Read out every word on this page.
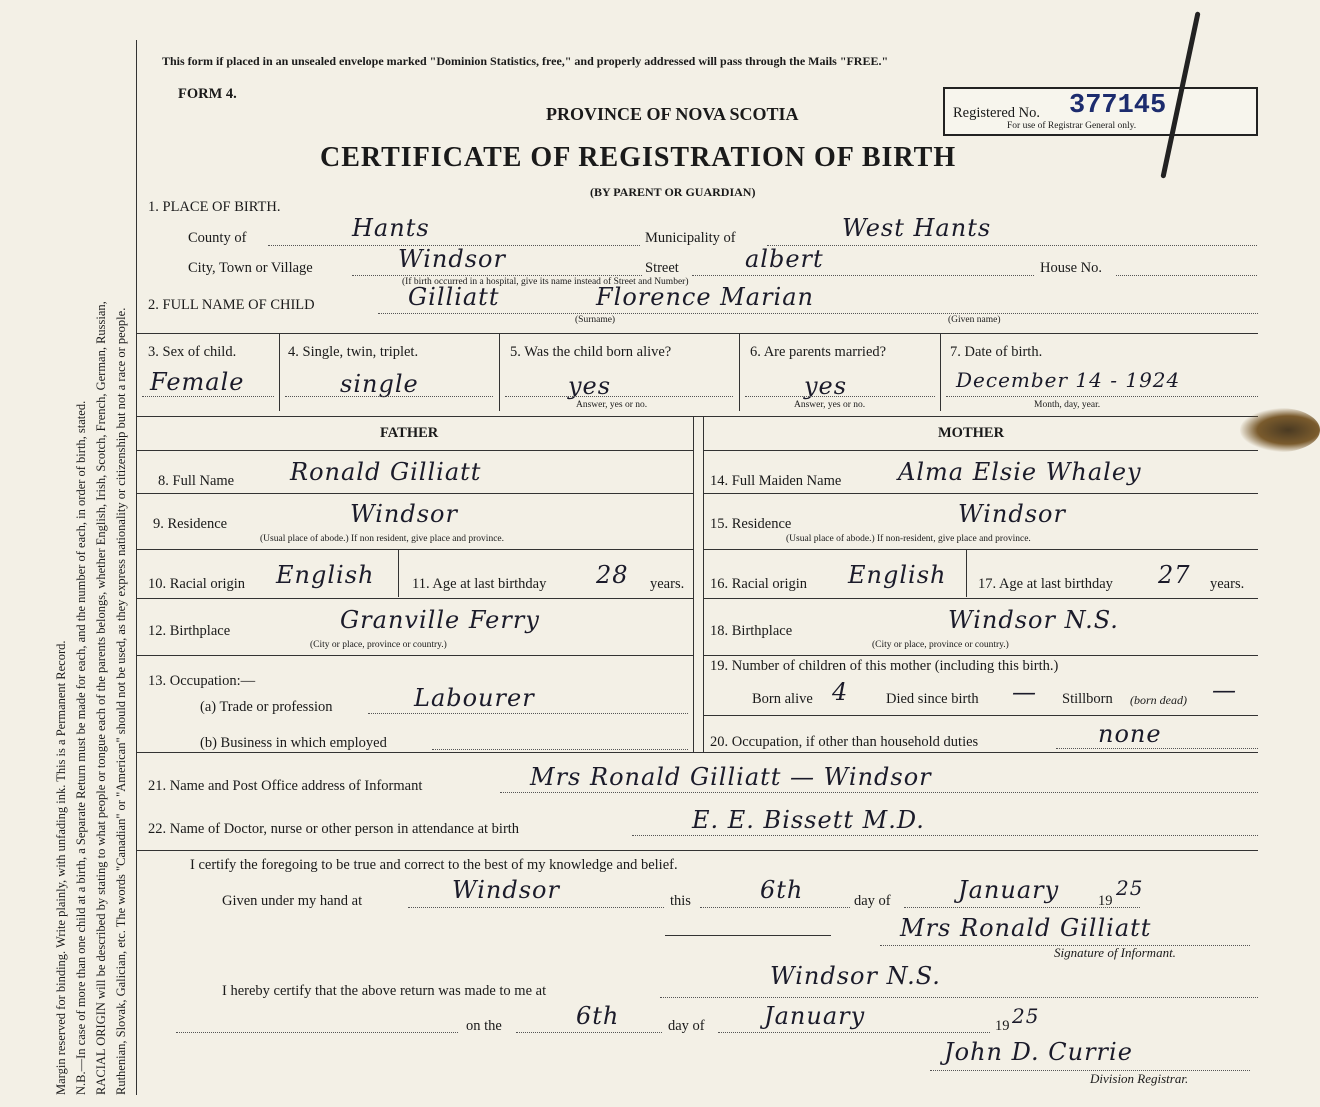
Margin reserved for binding. Write plainly, with unfading ink. This is a Permanent Record. N.B.—In case of more than one child at a birth, a Separate Return must be made for each, and the number of each, in order of birth, stated. RACIAL ORIGIN will be described by stating to what people or tongue each of the parents belongs, whether English, Irish, Scotch, French, German, Russian, Ruthenian, Slovak, Galician, etc. The words "Canadian" or "American" should not be used, as they express nationality or citizenship but not a race or people.
This form if placed in an unsealed envelope marked "Dominion Statistics, free," and properly addressed will pass through the Mails "FREE."
FORM 4.
PROVINCE OF NOVA SCOTIA
CERTIFICATE OF REGISTRATION OF BIRTH
(BY PARENT OR GUARDIAN)
Registered No. 377145
For use of Registrar General only.
1. PLACE OF BIRTH.
County of	Hants	Municipality of	West Hants
City, Town or Village	Windsor	Street	albert	House No.
(If birth occurred in a hospital, give its name instead of Street and Number)
2. FULL NAME OF CHILD	Gilliatt	Florence Marian
(Surname)	(Given name)
3. Sex of child.
Female
4. Single, twin, triplet.
single
5. Was the child born alive?
yes
Answer, yes or no.
6. Are parents married?
yes
Answer, yes or no.
7. Date of birth.
December 14 - 1924
Month, day, year.
FATHER
8. Full Name Ronald Gilliatt
9. Residence	Windsor
(Usual place of abode.) If non resident, give place and province.
10. Racial origin English	11. Age at last birthday 28 years.
12. Birthplace	Granville Ferry
(City or place, province or country.)
13. Occupation:—
(a) Trade or profession	Labourer
(b) Business in which employed
MOTHER
14. Full Maiden Name Alma Elsie Whaley
15. Residence	Windsor
(Usual place of abode.) If non-resident, give place and province.
16. Racial origin English 17. Age at last birthday 27 years.
18. Birthplace	Windsor N.S.
(City or place, province or country.)
19. Number of children of this mother (including this birth.)
Born alive 4	Died since birth — Stillborn (born dead) —
20. Occupation, if other than household duties	none
21. Name and Post Office address of Informant	Mrs Ronald Gilliatt — Windsor
22. Name of Doctor, nurse or other person in attendance at birth	E. E. Bissett M.D.
I certify the foregoing to be true and correct to the best of my knowledge and belief.
Given under my hand at	Windsor	this	6th	day of	January	19
25
Mrs Ronald Gilliatt
Signature of Informant.
I hereby certify that the above return was made to me at
Windsor N.S.
on the	6th	day of January	19 25
John D. Currie
Division Registrar.
